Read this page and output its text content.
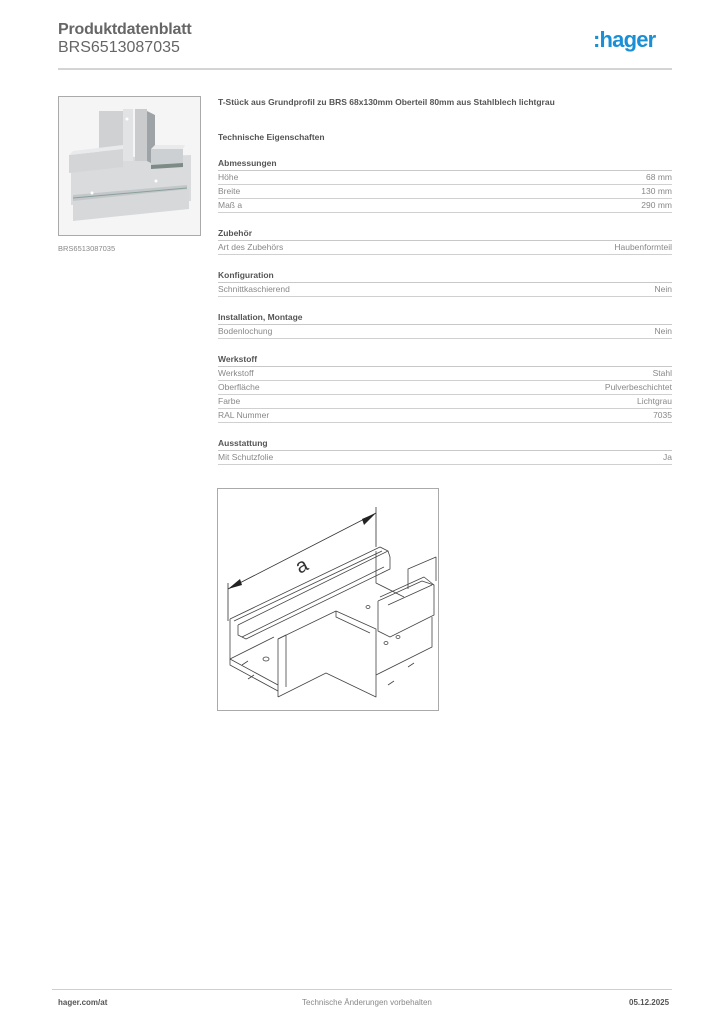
Produktdatenblatt
BRS6513087035	:hager
BRS6513087035
T-Stück aus Grundprofil zu BRS 68x130mm Oberteil 80mm aus Stahlblech lichtgrau
Technische Eigenschaften
Abmessungen
Höhe	68 mm
Breite	130 mm
Maß a	290 mm
Zubehör
Art des Zubehörs	Haubenformteil
Konfiguration
Schnittkaschierend	Nein
Installation, Montage
Bodenlochung	Nein
Werkstoff
Werkstoff	Stahl
Oberfläche	Pulverbeschichtet
Farbe	Lichtgrau
RAL Nummer	7035
Ausstattung
Mit Schutzfolie	Ja
a
hager.com/at	Technische Änderungen vorbehalten	05.12.2025
